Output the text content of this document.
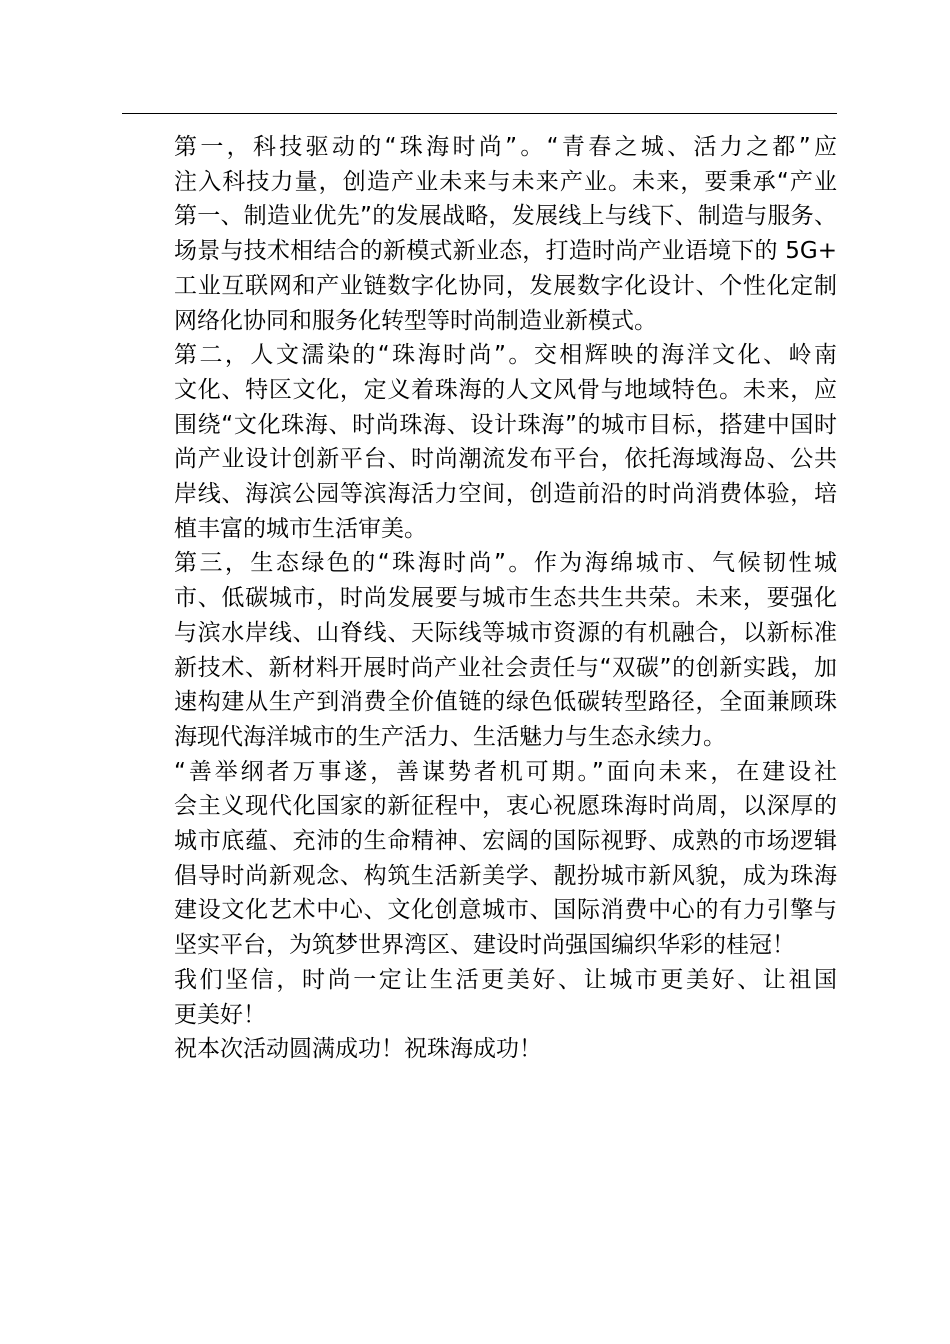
第一，科技驱动的“珠海时尚”。“青春之城、活力之都”应
注入科技力量，创造产业未来与未来产业。未来，要秉承“产业
第一、制造业优先”的发展战略，发展线上与线下、制造与服务、
场景与技术相结合的新模式新业态，打造时尚产业语境下的 5G+
工业互联网和产业链数字化协同，发展数字化设计、个性化定制
网络化协同和服务化转型等时尚制造业新模式。

第二，人文濡染的“珠海时尚”。交相辉映的海洋文化、岭南
文化、特区文化，定义着珠海的人文风骨与地域特色。未来，应
围绕“文化珠海、时尚珠海、设计珠海”的城市目标，搭建中国时
尚产业设计创新平台、时尚潮流发布平台，依托海域海岛、公共
岸线、海滨公园等滨海活力空间，创造前沿的时尚消费体验，培
植丰富的城市生活审美。

第三，生态绿色的“珠海时尚”。作为海绵城市、气候韧性城
市、低碳城市，时尚发展要与城市生态共生共荣。未来，要强化
与滨水岸线、山脊线、天际线等城市资源的有机融合，以新标准
新技术、新材料开展时尚产业社会责任与“双碳”的创新实践，加
速构建从生产到消费全价值链的绿色低碳转型路径，全面兼顾珠
海现代海洋城市的生产活力、生活魅力与生态永续力。

“善举纲者万事遂，善谋势者机可期。”面向未来，在建设社
会主义现代化国家的新征程中，衷心祝愿珠海时尚周，以深厚的
城市底蕴、充沛的生命精神、宏阔的国际视野、成熟的市场逻辑
倡导时尚新观念、构筑生活新美学、靓扮城市新风貌，成为珠海
建设文化艺术中心、文化创意城市、国际消费中心的有力引擎与
坚实平台，为筑梦世界湾区、建设时尚强国编织华彩的桂冠！

我们坚信，时尚一定让生活更美好、让城市更美好、让祖国
更美好！

祝本次活动圆满成功！祝珠海成功！
